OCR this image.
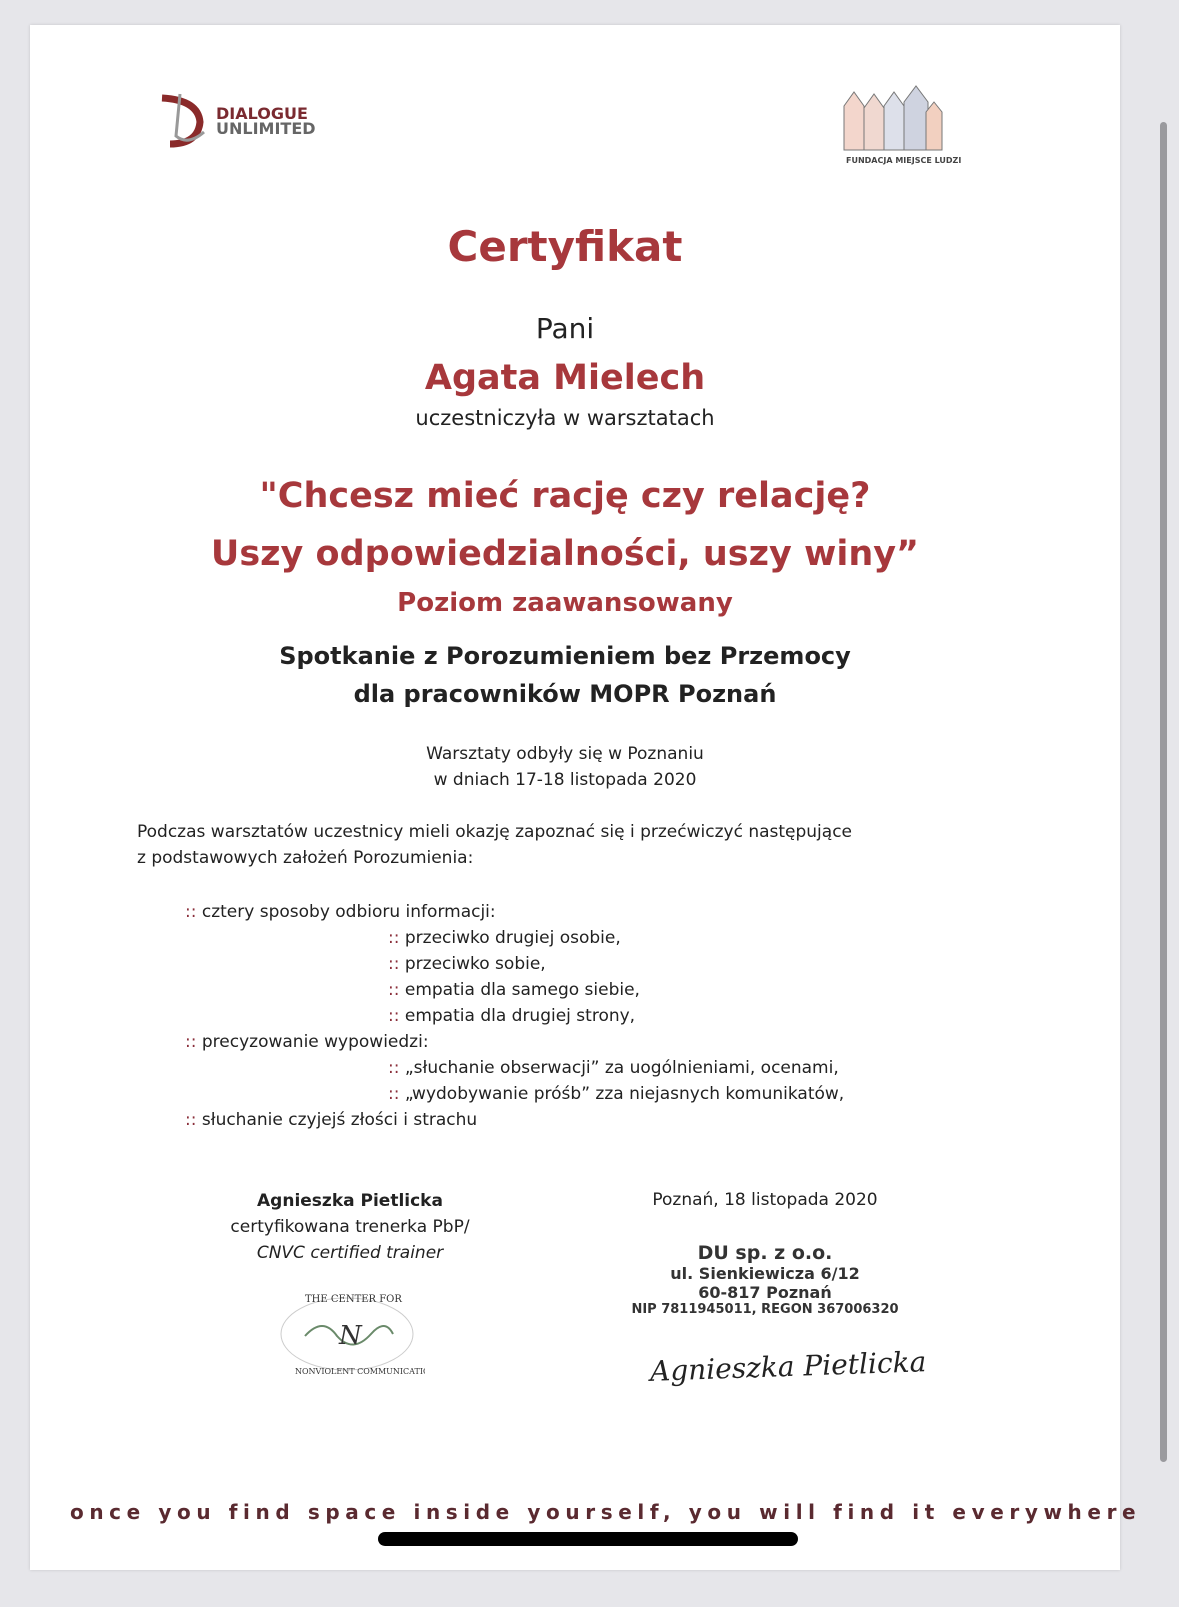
DIALOGUE
UNLIMITED
FUNDACJA MIEJSCE LUDZI
Certyfikat
Pani
Agata Mielech
uczestniczyła w warsztatach
"Chcesz mieć rację czy relację?
Uszy odpowiedzialności, uszy winy”
Poziom zaawansowany
Spotkanie z Porozumieniem bez Przemocy
dla pracowników MOPR Poznań
Warsztaty odbyły się w Poznaniu
w dniach 17-18 listopada 2020
Podczas warsztatów uczestnicy mieli okazję zapoznać się i przećwiczyć następujące
z podstawowych założeń Porozumienia:
:: cztery sposoby odbioru informacji:
:: przeciwko drugiej osobie,
:: przeciwko sobie,
:: empatia dla samego siebie,
:: empatia dla drugiej strony,
:: precyzowanie wypowiedzi:
:: „słuchanie obserwacji” za uogólnieniami, ocenami,
:: „wydobywanie próśb” zza niejasnych komunikatów,
:: słuchanie czyjejś złości i strachu
Agnieszka Pietlicka
certyfikowana trenerka PbP/
CNVC certified trainer
N
THE CENTER FOR
NONVIOLENT COMMUNICATION
Poznań, 18 listopada 2020
DU sp. z o.o.
ul. Sienkiewicza 6/12
60-817 Poznań
NIP 7811945011, REGON 367006320
Agnieszka Pietlicka
once you find space inside yourself, you will find it everywhere
